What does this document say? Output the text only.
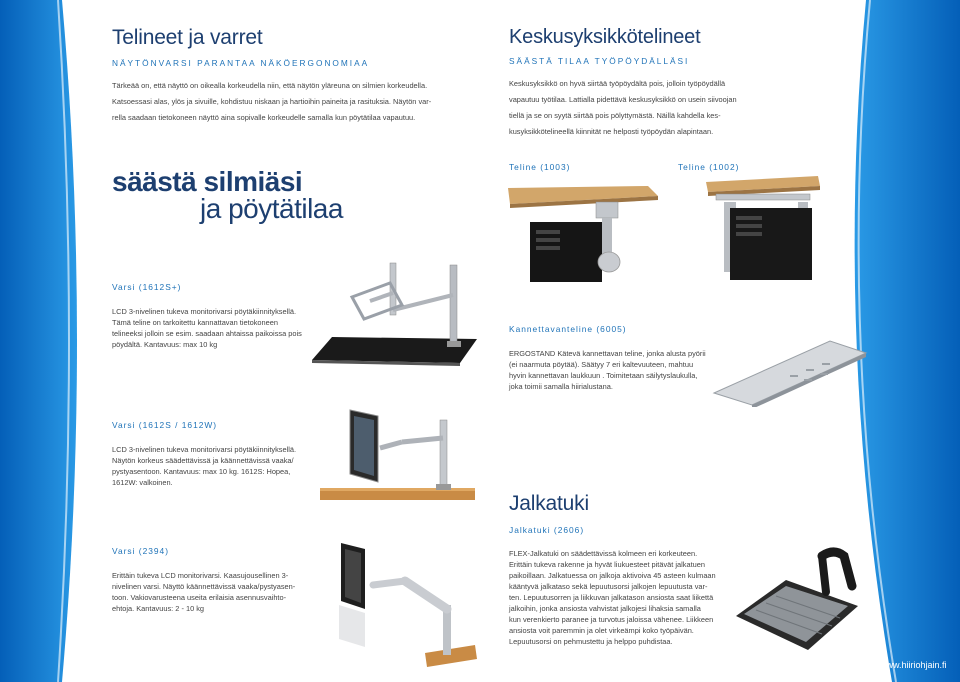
Telineet ja varret
NÄYTÖNVARSI PARANTAA NÄKÖERGONOMIAA
Tärkeää on, että näyttö on oikealla korkeudella niin, että näytön yläreuna on silmien korkeudella.
Katsoessasi alas, ylös ja sivuille, kohdistuu niskaan ja hartioihin paineita ja rasituksia. Näytön var-
rella saadaan tietokoneen näyttö aina sopivalle korkeudelle samalla kun pöytätilaa vapautuu.
säästä silmiäsi
ja pöytätilaa
Varsi (1612S+)
LCD 3-nivelinen tukeva monitorivarsi pöytäkiinnityksellä.
Tämä teline on tarkoitettu kannattavan tietokoneen
telineeksi jolloin se esim. saadaan ahtaissa paikoissa pois
pöydältä. Kantavuus: max 10 kg
Varsi (1612S / 1612W)
LCD 3-nivelinen tukeva monitorivarsi pöytäkiinnityksellä.
Näytön korkeus säädettävissä ja käännettävissä vaaka/
pystyasentoon. Kantavuus: max 10 kg. 1612S: Hopea,
1612W: valkoinen.
Varsi (2394)
Erittäin tukeva LCD monitorivarsi. Kaasujousellinen 3-
nivelinen varsi. Näyttö käännettävissä vaaka/pystyasen-
toon. Vakiovarusteena useita erilaisia asennusvaihto-
ehtoja. Kantavuus: 2 - 10 kg
Keskusyksikkötelineet
SÄÄSTÄ TILAA TYÖPÖYDÄLLÄSI
Keskusyksikkö on hyvä siirtää työpöydältä pois, jolloin työpöydällä
vapautuu työtilaa. Lattialla pidettävä keskusyksikkö on usein siivoojan
tiellä ja se on syytä siirtää pois pölyttymästä. Näillä kahdella kes-
kusyksikkötelineellä kiinnität ne helposti työpöydän alapintaan.
Teline (1003)	Teline (1002)
Kannettavanteline (6005)
ERGOSTAND Kätevä kannettavan teline, jonka alusta pyörii
(ei naarmuta pöytää). Säätyy 7 eri kaltevuuteen, mahtuu
hyvin kannettavan laukkuun . Toimitetaan säilytyslaukulla,
joka toimii samalla hiirialustana.
Jalkatuki
Jalkatuki (2606)
FLEX-Jalkatuki on säädettävissä kolmeen eri korkeuteen.
Erittäin tukeva rakenne ja hyvät liukuesteet pitävät jalkatuen
paikoillaan. Jalkatuessa on jalkoja aktivoiva 45 asteen kulmaan
kääntyvä jalkataso sekä lepuutusorsi jalkojen lepuutusta var-
ten. Lepuutusorren ja liikkuvan jalkatason ansiosta saat liikettä
jalkoihin, jonka ansiosta vahvistat jalkojesi lihaksia samalla
kun verenkierto paranee ja turvotus jaloissa vähenee. Liikkeen
ansiosta voit paremmin ja olet virkeämpi koko työpäivän.
Lepuutusorsi on pehmustettu ja helppo puhdistaa.
www.hiiriohjain.fi
